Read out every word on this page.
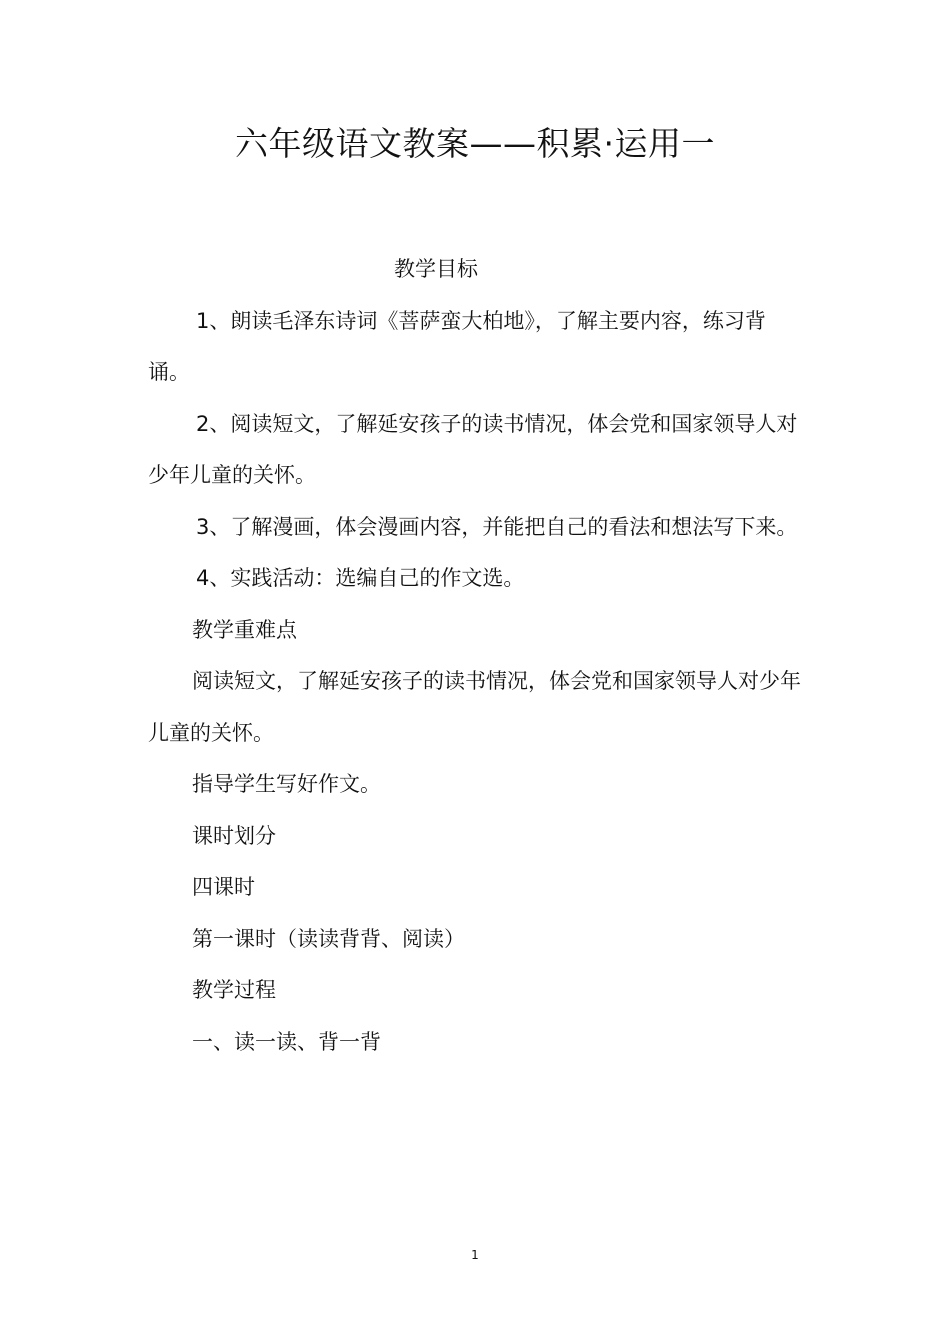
六年级语文教案——积累·运用一

教学目标

1、朗读毛泽东诗词《菩萨蛮大柏地》，了解主要内容，练习背诵。

2、阅读短文，了解延安孩子的读书情况，体会党和国家领导人对少年儿童的关怀。

3、了解漫画，体会漫画内容，并能把自己的看法和想法写下来。

4、实践活动：选编自己的作文选。

教学重难点

阅读短文，了解延安孩子的读书情况，体会党和国家领导人对少年儿童的关怀。

指导学生写好作文。

课时划分

四课时

第一课时（读读背背、阅读）

教学过程

一、读一读、背一背

1
